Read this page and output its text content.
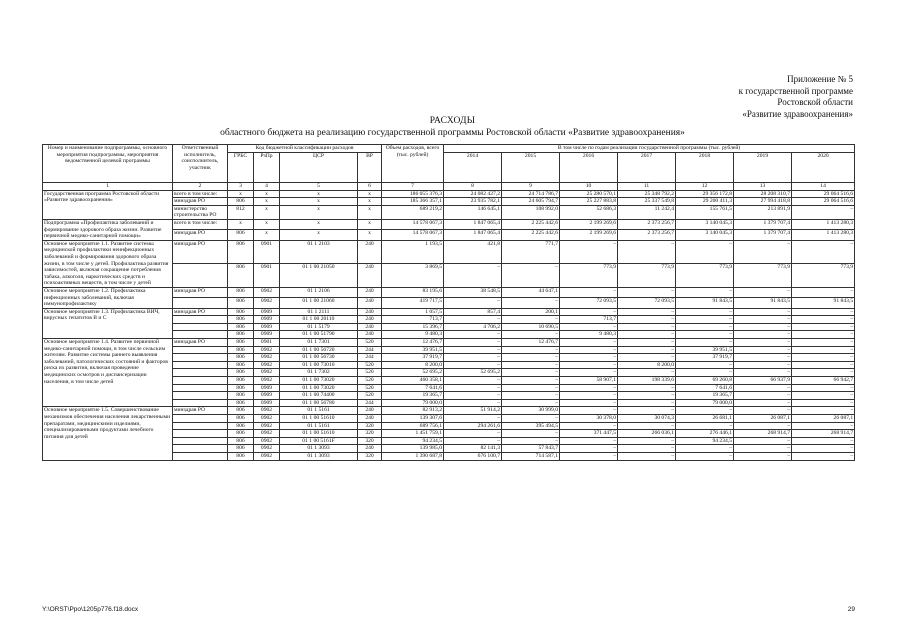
Приложение № 5
к государственной программе
Ростовской области
«Развитие здравоохранения»
РАСХОДЫ
областного бюджета на реализацию государственной программы Ростовской области «Развитие здравоохранения»
Номер и наименование подпрограммы, основного мероприятия подпрограммы, мероприятия ведомственной целевой программы	Ответственный исполнитель, соисполнитель, участник	Код бюджетной классификации расходов				Объем расходов, всего (тыс. рублей)	В том числе по годам реализации государственной программы (тыс. рублей)						
		ГРБС	РзПр	ЦСР	ВР		2014	2015	2016	2017	2018	2019	2020
1	2	3	4	5	6	7	8	9	10	11	12	13	14
Государственная программа Ростовской области «Развитие здравоохранения»	всего в том числе:	х	х	х	х	186 055 376,3	24 082 427,2	24 714 786,7	25 280 570,1	25 348 792,2	29 356 172,8	28 208 310,7	29 064 516,6
	минздрав РО	806	х	х	х	185 366 357,1	23 935 782,1	24 605 794,7	25 227 883,8	25 337 549,8	29 200 411,3	27 994 418,8	29 064 516,6
	министерство строительства РО	812	х	х	х	689 219,2	146 645,1	108 992,0	52 686,3	11 242,4	155 761,5	213 891,9	–
Подпрограмма «Профилактика заболеваний и формирование здорового образа жизни. Развитие первичной медико-санитарной помощи»	всего в том числе:	х	х	х	х	14 578 067,3	1 847 065,4	2 225 442,6	2 199 269,6	2 373 256,7	3 140 045,3	1 379 707,4	1 413 280,3
	минздрав РО	806	х	х	х	14 578 067,3	1 847 065,4	2 225 442,6	2 199 269,6	2 373 256,7	3 140 045,3	1 379 707,4	1 413 280,3
Основное мероприятие 1.1. Развитие системы медицинской профилактики неинфекционных заболеваний и формирования здорового образа жизни, в том числе у детей. Профилактика развития зависимостей, включая сокращение потребления табака, алкоголя, наркотических средств и психоактивных веществ, в том числе у детей	минздрав РО	806	0901	01 1 2103	240	1 193,5	421,8	771,7	–	–	–	–	–
		806	0901	01 1 00 21050	240	3 869,5	–	–	773,9	773,9	773,9	773,9	773,9
Основное мероприятие 1.2. Профилактика инфекционных заболеваний, включая иммунопрофилактику	минздрав РО	806	0902	01 1 2106	240	83 195,6	38 548,5	44 647,1	–	–	–	–	–
		806	0902	01 1 00 21060	240	419 717,5	–	–	72 093,5	72 093,5	91 843,5	91 843,5	91 843,5
Основное мероприятие 1.3. Профилактика ВИЧ, вирусных гепатитов В и С	минздрав РО	806	0909	01 1 2111	240	1 057,5	857,4	200,1	–	–	–	–	–
		806	0909	01 1 00 20110	240	713,7	–	–	713,7	–	–	–	–
		806	0909	01 1 5179	240	15 396,7	4 706,2	10 690,5	–	–	–	–	–
		806	0909	01 1 00 51790	240	9 480,3	–	–	9 480,3	–	–	–	–
Основное мероприятие 1.4. Развитие первичной медико-санитарной помощи, в том числе сельским жителям. Развитие системы раннего выявления заболеваний, патологических состояний и факторов риска их развития, включая проведение медицинских осмотров и диспансеризации населения, в том числе детей	минздрав РО	806	0901	01 1 7301	520	12 476,7	–	12 476,7	–	–	–	–	–
		806	0902	01 1 00 56720	244	39 951,5	–	–	–	–	39 951,5	–	–
		806	0902	01 1 00 56730	244	37 919,7	–	–	–	–	37 919,7	–	–
		806	0902	01 1 00 73010	520	8 200,0	–	–	–	8 200,0	–	–	–
		806	0902	01 1 7302	520	52 695,2	52 695,2	–	–	–	–	–	–
		806	0902	01 1 00 73020	520	460 358,1	–	–	58 907,1	198 339,6	69 260,8	66 937,9	66 942,7
		806	0909	01 1 00 73020	520	7 641,6	–	–	–	–	7 641,6	–	–
		806	0909	01 1 00 74400	520	19 365,7	–	–	–	–	19 365,7	–	–
		806	0909	01 1 00 56780	244	79 000,0	–	–	–	–	79 000,0	–	–
Основное мероприятие 1.5. Совершенствование механизмов обеспечения населения лекарственными препаратами, медицинскими изделиями, специализированными продуктами лечебного питания для детей	минздрав РО	806	0902	01 1 5161	240	82 913,2	51 914,2	30 999,0	–	–	–	–	–
		806	0902	01 1 00 51610	240	139 307,6	–	–	30 378,0	30 074,3	26 681,1	26 087,1	26 087,1
		806	0902	01 1 5161	320	689 756,1	294 261,6	395 494,5	–	–	–	–	–
		806	0902	01 1 00 51610	320	1 451 759,1	–	–	371 447,5	266 036,1	276 446,1	268 914,7	268 914,7
		806	0902	01 1 00 5161F	320	94 234,5	–	–	–	–	94 234,5	–	–
		806	0902	01 1 3093	240	139 985,0	82 141,3	57 843,7	–	–	–	–	–
		806	0902	01 1 3093	320	1 390 687,8	676 100,7	714 587,1	–	–	–	–	–
Y:\ORST\Ppo\1205p776.f18.docx	29
